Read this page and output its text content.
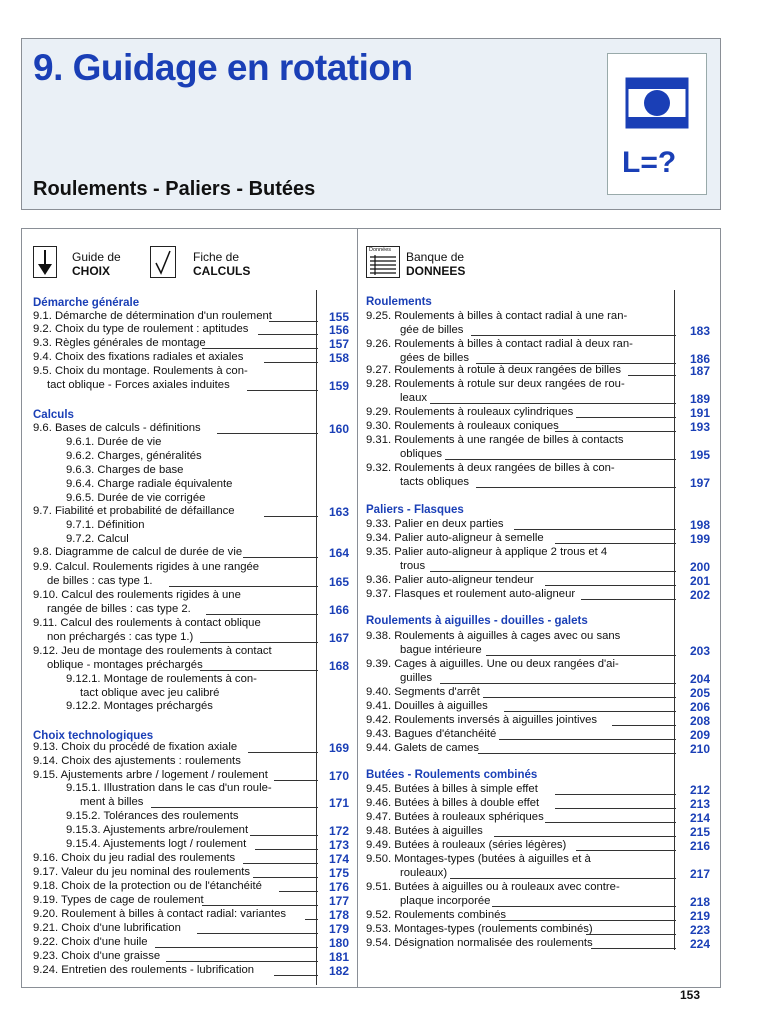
9. Guidage en rotation
Roulements - Paliers - Butées
L=?
Guide de
CHOIX
Fiche de
CALCULS
Données	Banque de
DONNEES
Démarche générale
Calculs
Choix technologiques
9.1. Démarche de détermination d'un roulement	155
9.2. Choix du type de roulement : aptitudes	156
9.3. Règles générales de montage	157
9.4. Choix des fixations radiales et axiales	158
9.5. Choix du montage. Roulements à con-
tact oblique - Forces axiales induites	159
9.6. Bases de calculs - définitions	160
9.6.1. Durée de vie
9.6.2. Charges, généralités
9.6.3. Charges de base
9.6.4. Charge radiale équivalente
9.6.5. Durée de vie corrigée
9.7. Fiabilité et probabilité de défaillance	163
9.7.1. Définition
9.7.2. Calcul
9.8. Diagramme de calcul de durée de vie	164
9.9. Calcul. Roulements rigides à une rangée
de billes : cas type 1.	165
9.10. Calcul des roulements rigides à une
rangée de billes : cas type 2.	166
9.11. Calcul des roulements à contact oblique
non préchargés : cas type 1.)	167
9.12. Jeu de montage des roulements à contact
oblique - montages préchargés	168
9.12.1. Montage de roulements à con-
tact oblique avec jeu calibré
9.12.2. Montages préchargés
9.13. Choix du procédé de fixation axiale	169
9.14. Choix des ajustements : roulements
9.15. Ajustements arbre / logement / roulement	170
9.15.1. Illustration dans le cas d'un roule-
ment à billes	171
9.15.2. Tolérances des roulements
9.15.3. Ajustements arbre/roulement	172
9.15.4. Ajustements logt / roulement	173
9.16. Choix du jeu radial des roulements	174
9.17. Valeur du jeu nominal des roulements	175
9.18. Choix de la protection ou de l'étanchéité	176
9.19. Types de cage de roulement	177
9.20. Roulement à billes à contact radial: variantes	178
9.21. Choix d'une lubrification	179
9.22. Choix d'une huile	180
9.23. Choix d'une graisse	181
9.24. Entretien des roulements - lubrification	182
Roulements
Paliers - Flasques
Roulements à aiguilles - douilles - galets
Butées - Roulements combinés
9.25. Roulements à billes à contact radial à une ran-
gée de billes	183
9.26. Roulements à billes à contact radial à deux ran-
gées de billes	186
9.27. Roulements à rotule à deux rangées de billes	187
9.28. Roulements à rotule sur deux rangées de rou-
leaux	189
9.29. Roulements à rouleaux cylindriques	191
9.30. Roulements à rouleaux coniques	193
9.31. Roulements à une rangée de billes à contacts
obliques	195
9.32. Roulements à deux rangées de billes à con-
tacts obliques	197
9.33. Palier en deux parties	198
9.34. Palier auto-aligneur à semelle	199
9.35. Palier auto-aligneur à applique 2 trous et 4
trous	200
9.36. Palier auto-aligneur tendeur	201
9.37. Flasques et roulement auto-aligneur	202
9.38. Roulements à aiguilles à cages avec ou sans
bague intérieure	203
9.39. Cages à aiguilles. Une ou deux rangées d'ai-
guilles	204
9.40. Segments d'arrêt	205
9.41. Douilles à aiguilles	206
9.42. Roulements inversés à aiguilles jointives	208
9.43. Bagues d'étanchéité	209
9.44. Galets de cames	210
9.45. Butées à billes à simple effet	212
9.46. Butées à billes à double effet	213
9.47. Butées à rouleaux sphériques	214
9.48. Butées à aiguilles	215
9.49. Butées à rouleaux (séries légères)	216
9.50. Montages-types (butées à aiguilles et à
rouleaux)	217
9.51. Butées à aiguilles ou à rouleaux avec contre-
plaque incorporée	218
9.52. Roulements combinés	219
9.53. Montages-types (roulements combinés)	223
9.54. Désignation normalisée des roulements	224
153
